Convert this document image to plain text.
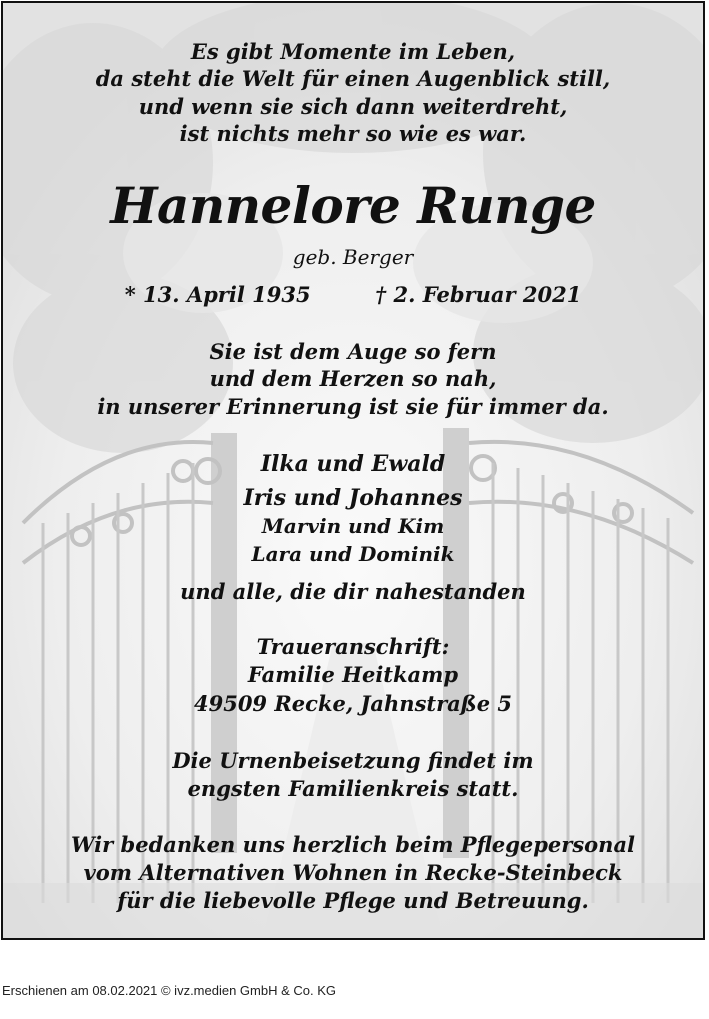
Es gibt Momente im Leben,
da steht die Welt für einen Augenblick still,
und wenn sie sich dann weiterdreht,
ist nichts mehr so wie es war.
Hannelore Runge
geb. Berger
* 13. April 1935	† 2. Februar 2021
Sie ist dem Auge so fern
und dem Herzen so nah,
in unserer Erinnerung ist sie für immer da.
Ilka und Ewald
Iris und Johannes
Marvin und Kim
Lara und Dominik
und alle, die dir nahestanden
Traueranschrift:
Familie Heitkamp
49509 Recke, Jahnstraße 5
Die Urnenbeisetzung findet im
engsten Familienkreis statt.
Wir bedanken uns herzlich beim Pflegepersonal
vom Alternativen Wohnen in Recke-Steinbeck
für die liebevolle Pflege und Betreuung.
Erschienen am 08.02.2021 © ivz.medien GmbH & Co. KG
